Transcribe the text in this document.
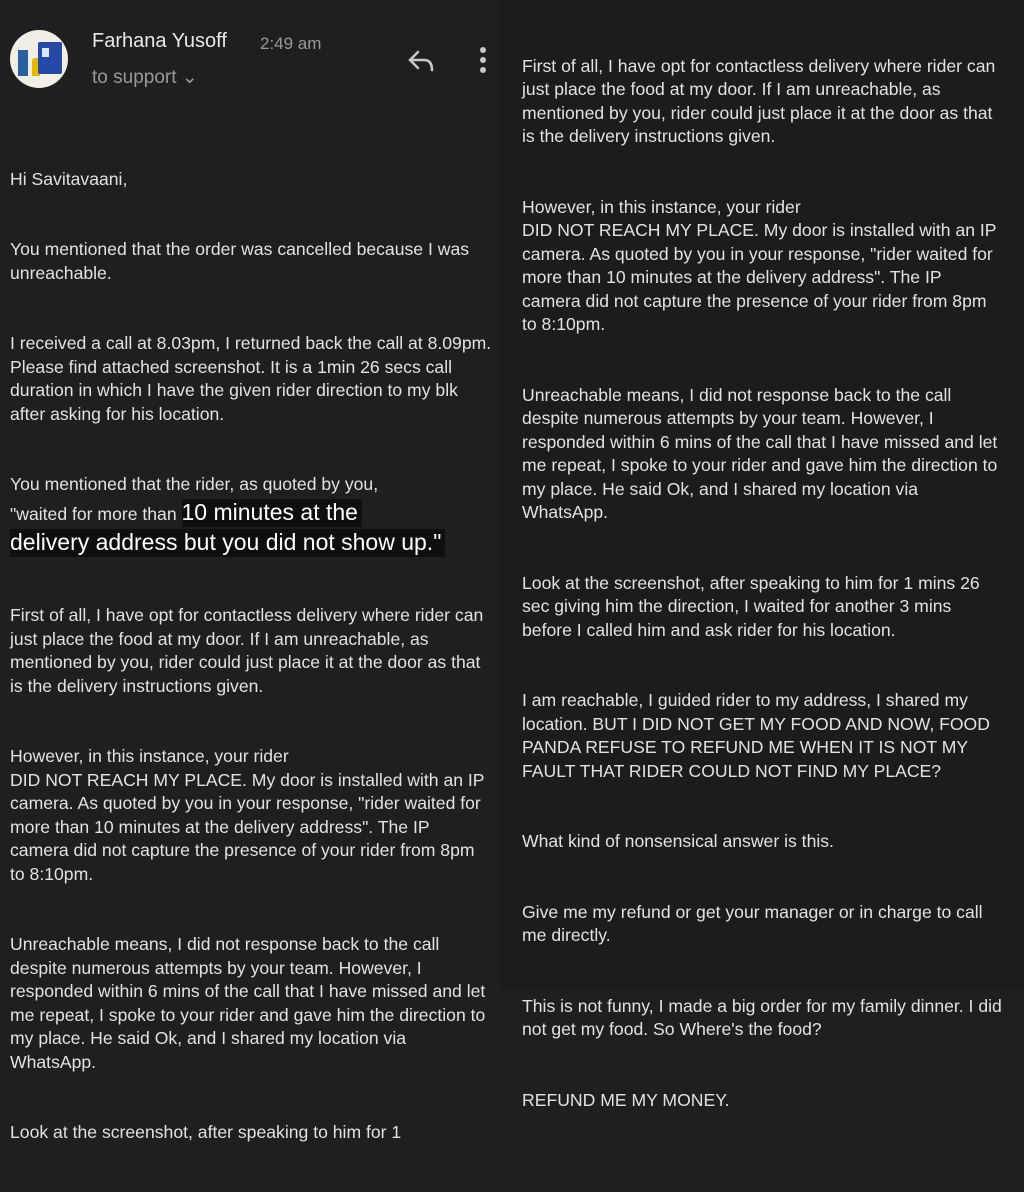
Farhana Yusoff 2:49 am
to support ⌄

Hi Savitavaani,

You mentioned that the order was cancelled because I was unreachable.

I received a call at 8.03pm, I returned back the call at 8.09pm. Please find attached screenshot. It is a 1min 26 secs call duration in which I have the given rider direction to my blk after asking for his location.

You mentioned that the rider, as quoted by you,
"waited for more than 10 minutes at the
delivery address but you did not show up."

First of all, I have opt for contactless delivery where rider can just place the food at my door. If I am unreachable, as mentioned by you, rider could just place it at the door as that is the delivery instructions given.

However, in this instance, your rider
DID NOT REACH MY PLACE. My door is installed with an IP camera. As quoted by you in your response, "rider waited for more than 10 minutes at the delivery address". The IP camera did not capture the presence of your rider from 8pm to 8:10pm.

Unreachable means, I did not response back to the call despite numerous attempts by your team. However, I responded within 6 mins of the call that I have missed and let me repeat, I spoke to your rider and gave him the direction to my place. He said Ok, and I shared my location via WhatsApp.

Look at the screenshot, after speaking to him for 1

First of all, I have opt for contactless delivery where rider can just place the food at my door. If I am unreachable, as mentioned by you, rider could just place it at the door as that is the delivery instructions given.

However, in this instance, your rider
DID NOT REACH MY PLACE. My door is installed with an IP camera. As quoted by you in your response, "rider waited for more than 10 minutes at the delivery address". The IP camera did not capture the presence of your rider from 8pm to 8:10pm.

Unreachable means, I did not response back to the call despite numerous attempts by your team. However, I responded within 6 mins of the call that I have missed and let me repeat, I spoke to your rider and gave him the direction to my place. He said Ok, and I shared my location via WhatsApp.

Look at the screenshot, after speaking to him for 1 mins 26 sec giving him the direction, I waited for another 3 mins before I called him and ask rider for his location.

I am reachable, I guided rider to my address, I shared my location. BUT I DID NOT GET MY FOOD AND NOW, FOOD PANDA REFUSE TO REFUND ME WHEN IT IS NOT MY FAULT THAT RIDER COULD NOT FIND MY PLACE?

What kind of nonsensical answer is this.

Give me my refund or get your manager or in charge to call me directly.

This is not funny, I made a big order for my family dinner. I did not get my food. So Where's the food?

REFUND ME MY MONEY.
